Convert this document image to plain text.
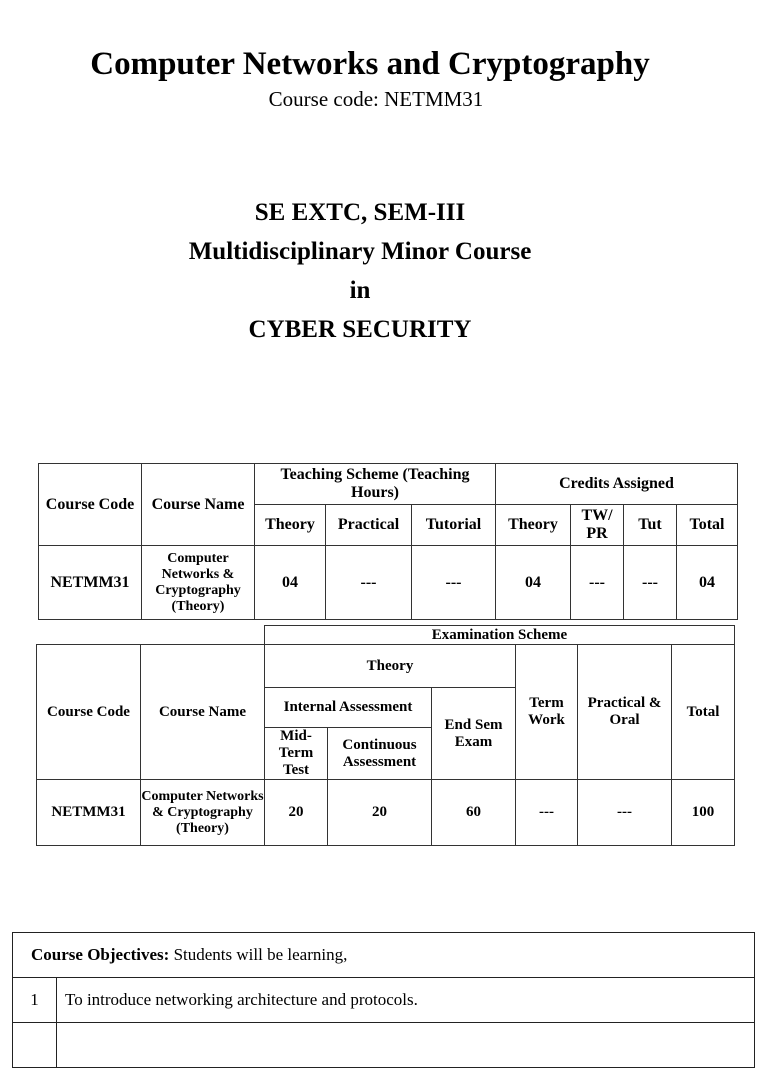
Computer Networks and Cryptography
Course code: NETMM31
SE EXTC, SEM-III
Multidisciplinary Minor Course
in
CYBER SECURITY
Course Code	Course Name	Teaching Scheme (Teaching Hours)			Credits Assigned			
		Theory	Practical	Tutorial	Theory	TW/ PR	Tut	Total
NETMM31	Computer Networks & Cryptography (Theory)	04	---	---	04	---	---	04
		Examination Scheme					
Course Code	Course Name	Theory			Term Work	Practical & Oral	Total
		Internal Assessment		End Sem Exam			
		Mid-Term Test	Continuous Assessment				

NETMM31	Computer Networks & Cryptography (Theory)	20	20	60	---	---	100
Course Objectives: Students will be learning,	
1	To introduce networking architecture and protocols.
